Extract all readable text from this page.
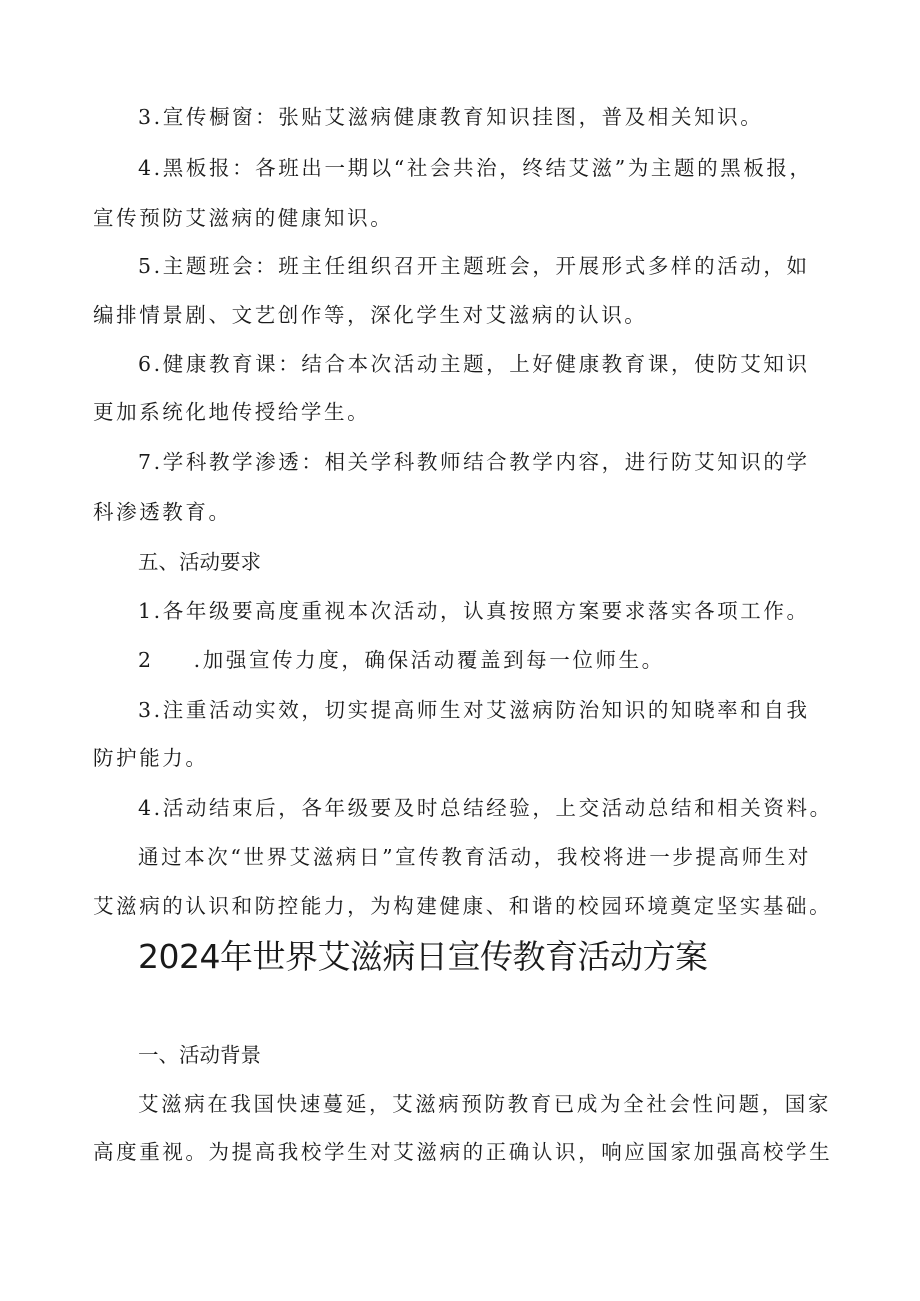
3.宣传橱窗：张贴艾滋病健康教育知识挂图，普及相关知识。
4.黑板报：各班出一期以“社会共治，终结艾滋”为主题的黑板报，
宣传预防艾滋病的健康知识。
5.主题班会：班主任组织召开主题班会，开展形式多样的活动，如
编排情景剧、文艺创作等，深化学生对艾滋病的认识。
6.健康教育课：结合本次活动主题，上好健康教育课，使防艾知识
更加系统化地传授给学生。
7.学科教学渗透：相关学科教师结合教学内容，进行防艾知识的学
科渗透教育。
五、活动要求
1.各年级要高度重视本次活动，认真按照方案要求落实各项工作。
2 .加强宣传力度，确保活动覆盖到每一位师生。
3.注重活动实效，切实提高师生对艾滋病防治知识的知晓率和自我
防护能力。
4.活动结束后，各年级要及时总结经验，上交活动总结和相关资料。
通过本次“世界艾滋病日”宣传教育活动，我校将进一步提高师生对
艾滋病的认识和防控能力，为构建健康、和谐的校园环境奠定坚实基础。
2024年世界艾滋病日宣传教育活动方案
一、活动背景
艾滋病在我国快速蔓延，艾滋病预防教育已成为全社会性问题，国家
高度重视。为提高我校学生对艾滋病的正确认识，响应国家加强高校学生
